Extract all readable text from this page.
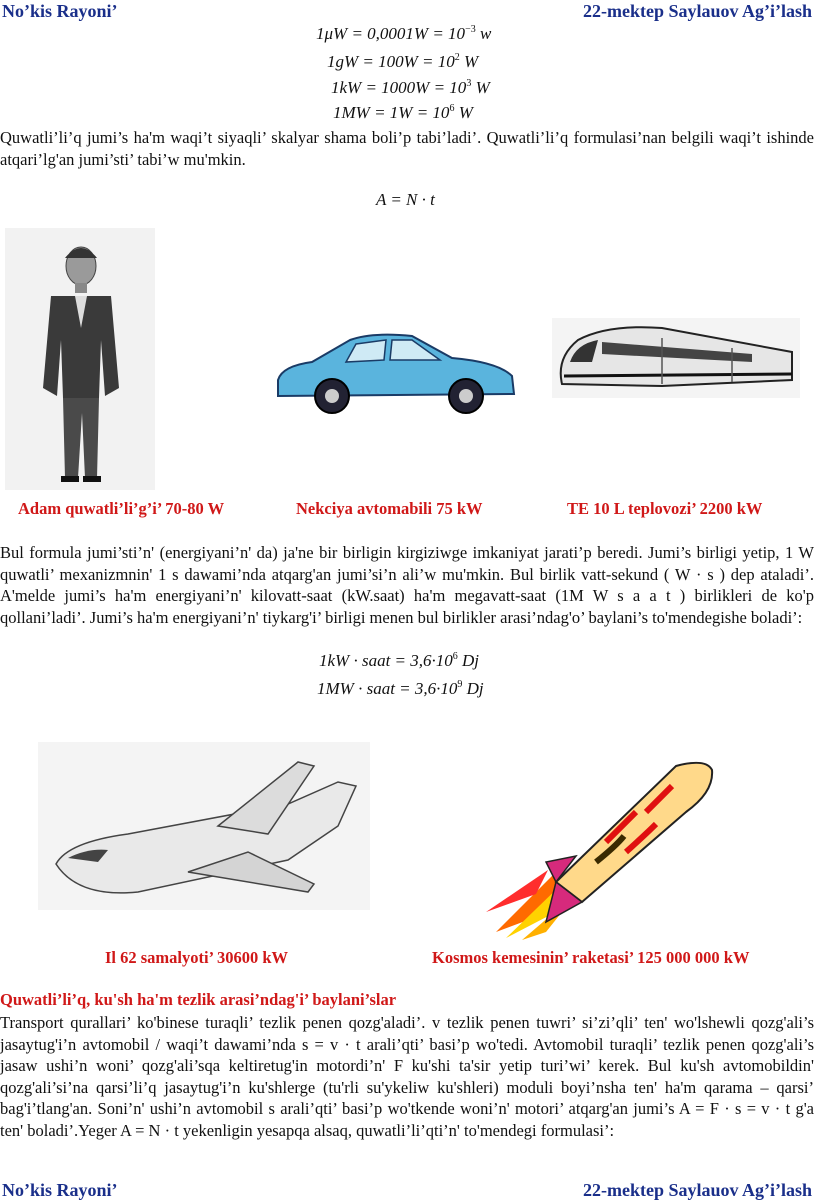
No’kis Rayoni’	22-mektep Saylauov Ag’i’lash
$1\mu W = 0,0001W = 10^{-3}$ w
$1gW = 100W = 10^2$ W
$1kW = 1000W = 10^3$ W
$1MW = 1W = 10^6$ W
Quwatli’li’q jumi’s ha'm waqi’t siyaqli’ skalyar shama boli’p tabi’ladi’. Quwatli’li’q formulasi’nan belgili waqi’t ishinde atqari’lg'an jumi’sti’ tabi’w mu'mkin.
A = N · t
Adam quwatli’li’g’i’ 70-80 W	Nekciya avtomabili 75 kW	TE 10 L teplovozi’ 2200 kW
Bul formula jumi’sti’n' (energiyani’n' da) ja'ne bir birligin kirgiziwge imkaniyat jarati’p beredi. Jumi’s birligi yetip, 1 W quwatli’ mexanizmnin' 1 s dawami’nda atqarg'an jumi’si’n ali’w mu'mkin. Bul birlik vatt-sekund ( W · s ) dep ataladi’. A'melde jumi’s ha'm energiyani’n' kilovatt-saat (kW.saat) ha'm megavatt-saat (1M W s a a t ) birlikleri de ko'p qollani’ladi’. Jumi’s ha'm energiyani’n' tiykarg'i’ birligi menen bul birlikler arasi’ndag'o’ baylani’s to'mendegishe boladi’:
1kW · saat = $3,6\cdot 10^6$ Dj
1MW · saat = $3,6\cdot 10^9$ Dj
Il 62 samalyoti’ 30600 kW	Kosmos kemesinin’ raketasi’ 125 000 000 kW
Quwatli’li’q, ku'sh ha'm tezlik arasi’ndag'i’ baylani’slar
Transport qurallari’ ko'binese turaqli’ tezlik penen qozg'aladi’. v tezlik penen tuwri’ si’zi’qli’ ten' wo'lshewli qozg'ali’s jasaytug'i’n avtomobil / waqi’t dawami’nda s = v · t arali’qti’ basi’p wo'tedi. Avtomobil turaqli’ tezlik penen qozg'ali’s jasaw ushi’n woni’ qozg'ali’sqa keltiretug'in motordi’n' F ku'shi ta'sir yetip turi’wi’ kerek. Bul ku'sh avtomobildin' qozg'ali’si’na qarsi’li’q jasaytug'i’n ku'shlerge (tu'rli su'ykeliw ku'shleri) moduli boyi’nsha ten' ha'm qarama – qarsi’ bag'i’tlang'an. Soni’n' ushi’n avtomobil s arali’qti’ basi’p wo'tkende woni’n' motori’ atqarg'an jumi’s A = F · s = v · t g'a ten' boladi’.Yeger A = N · t yekenligin yesapqa alsaq, quwatli’li’qti’n' to'mendegi formulasi’:
No’kis Rayoni’	22-mektep Saylauov Ag’i’lash
